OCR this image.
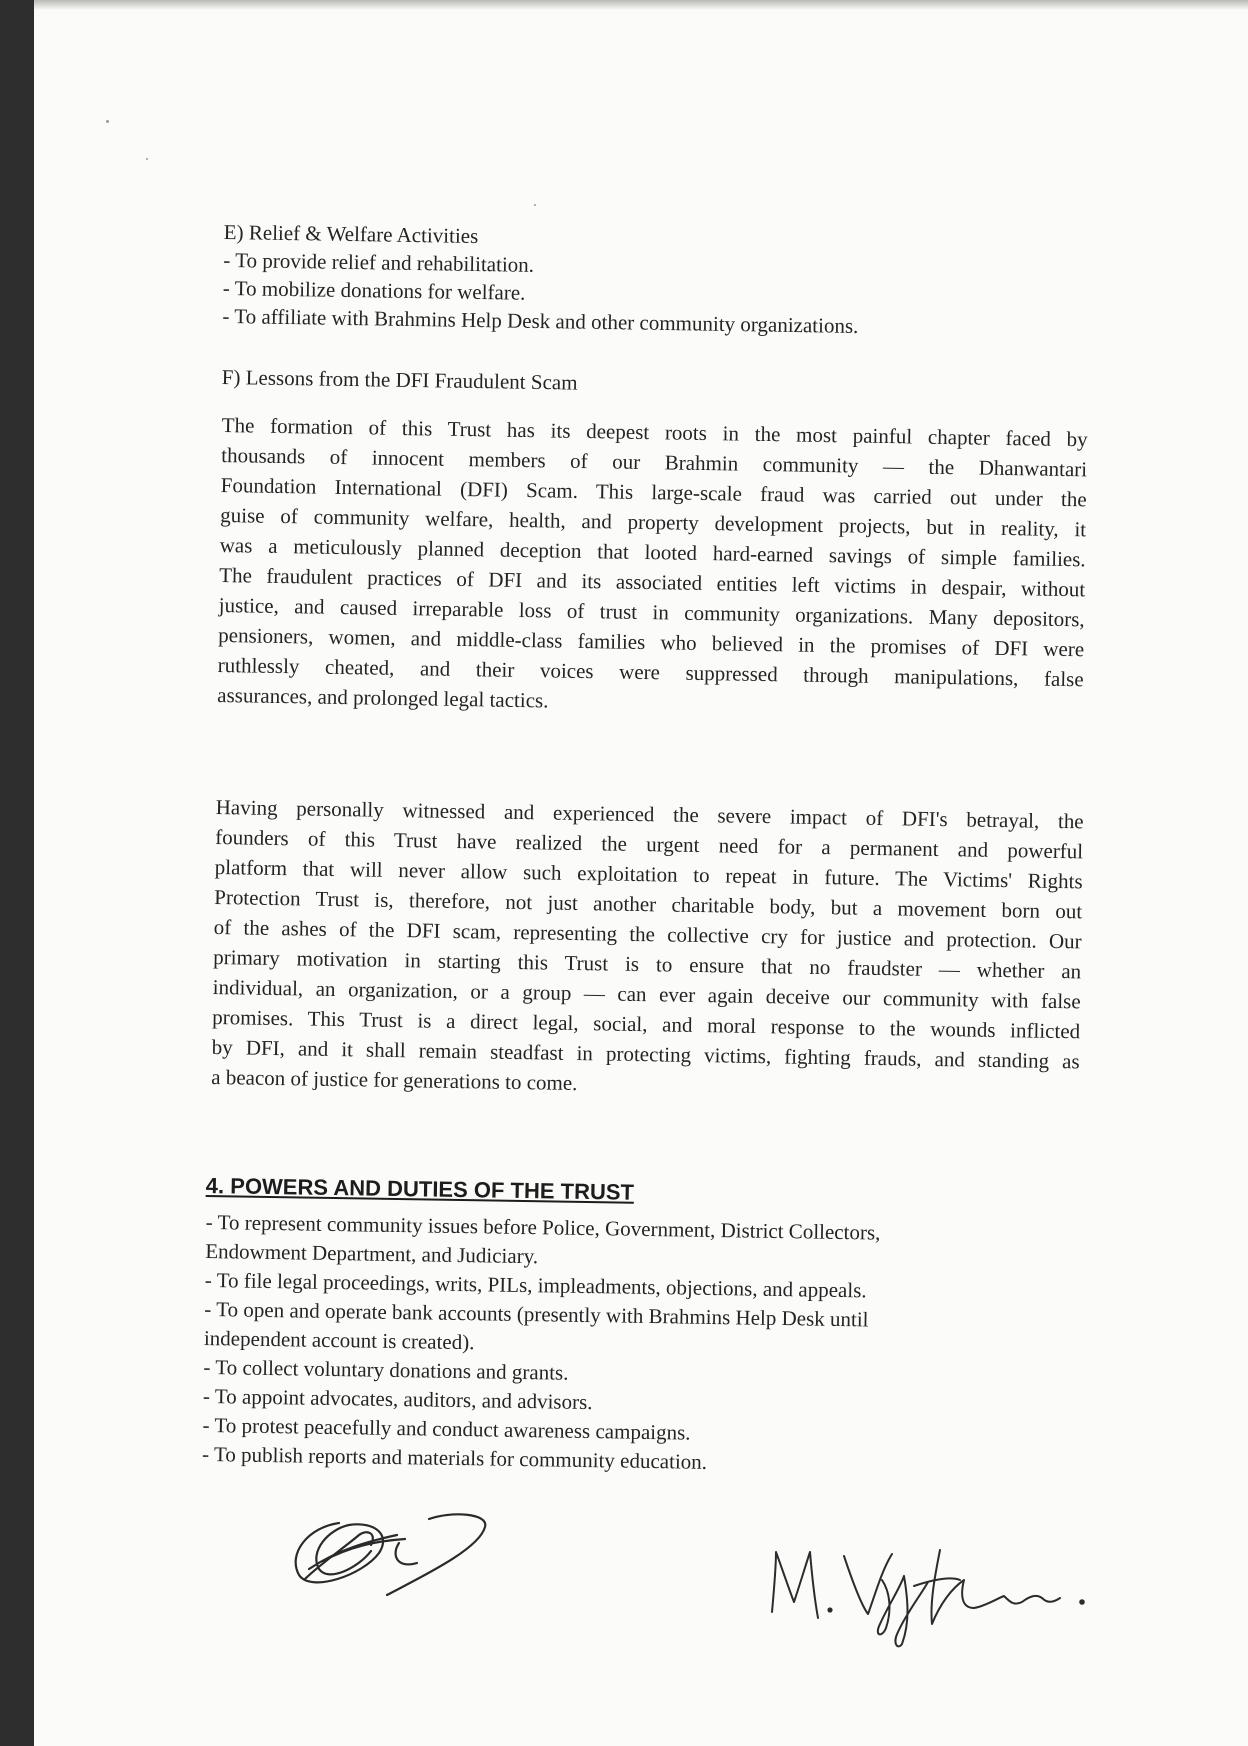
E) Relief & Welfare Activities

- To provide relief and rehabilitation.

- To mobilize donations for welfare.

- To affiliate with Brahmins Help Desk and other community organizations.

F) Lessons from the DFI Fraudulent Scam

The formation of this Trust has its deepest roots in the most painful chapter faced by

thousands of innocent members of our Brahmin community — the Dhanwantari

Foundation International (DFI) Scam. This large-scale fraud was carried out under the

guise of community welfare, health, and property development projects, but in reality, it

was a meticulously planned deception that looted hard-earned savings of simple families.

The fraudulent practices of DFI and its associated entities left victims in despair, without

justice, and caused irreparable loss of trust in community organizations. Many depositors,

pensioners, women, and middle-class families who believed in the promises of DFI were

ruthlessly cheated, and their voices were suppressed through manipulations, false

assurances, and prolonged legal tactics.

Having personally witnessed and experienced the severe impact of DFI's betrayal, the

founders of this Trust have realized the urgent need for a permanent and powerful

platform that will never allow such exploitation to repeat in future. The Victims' Rights

Protection Trust is, therefore, not just another charitable body, but a movement born out

of the ashes of the DFI scam, representing the collective cry for justice and protection. Our

primary motivation in starting this Trust is to ensure that no fraudster — whether an

individual, an organization, or a group — can ever again deceive our community with false

promises. This Trust is a direct legal, social, and moral response to the wounds inflicted

by DFI, and it shall remain steadfast in protecting victims, fighting frauds, and standing as

a beacon of justice for generations to come.

4. POWERS AND DUTIES OF THE TRUST

- To represent community issues before Police, Government, District Collectors,

Endowment Department, and Judiciary.

- To file legal proceedings, writs, PILs, impleadments, objections, and appeals.

- To open and operate bank accounts (presently with Brahmins Help Desk until

independent account is created).

- To collect voluntary donations and grants.

- To appoint advocates, auditors, and advisors.

- To protest peacefully and conduct awareness campaigns.

- To publish reports and materials for community education.

M. Vijay Kum.
